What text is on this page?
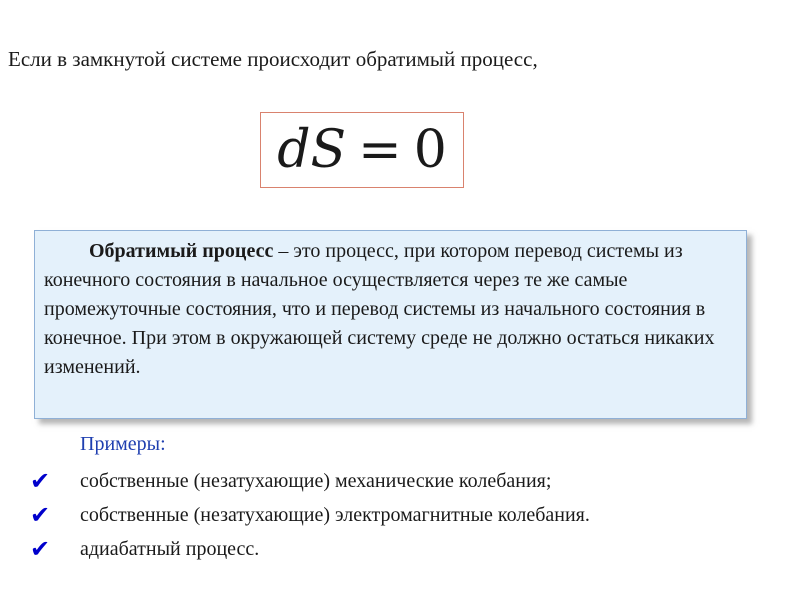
Если в замкнутой системе происходит обратимый процесс,
dS = 0

Обратимый процесс – это процесс, при котором перевод системы из конечного состояния в начальное осуществляется через те же самые промежуточные состояния, что и перевод системы из начального состояния в конечное. При этом в окружающей систему среде не должно остаться никаких изменений.

Примеры:
✔	собственные (незатухающие) механические колебания;
✔	собственные (незатухающие) электромагнитные колебания.
✔	адиабатный процесс.
